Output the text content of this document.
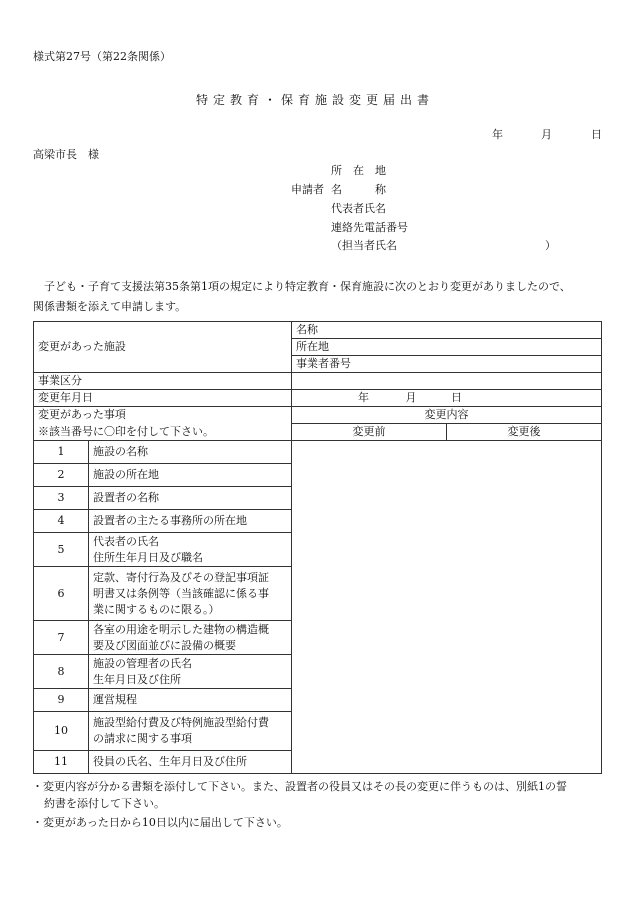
様式第27号（第22条関係）
特定教育・保育施設変更届出書
年	月	日
高梁市長　様
申請者
所　在　地
名　　　称
代表者氏名
連絡先電話番号
（担当者氏名	）
子ども・子育て支援法第35条第1項の規定により特定教育・保育施設に次のとおり変更がありましたので、
関係書類を添えて申請します。
変更があった施設		名称	
		所在地	
		事業者番号	
事業区分			
変更年月日		年 月 日	
変更があった事項		変更内容	
※該当番号に〇印を付して下さい。		変更前	変更後
1	施設の名称		
2	施設の所在地		
3	設置者の名称		
4	設置者の主たる事務所の所在地		
5	代表者の氏名
住所生年月日及び職名		

6	定款、寄付行為及びその登記事項証
明書又は条例等（当該確認に係る事
業に関するものに限る。）		

7	各室の用途を明示した建物の構造概
要及び図面並びに設備の概要		

8	施設の管理者の氏名
生年月日及び住所		

9	運営規程		
10	施設型給付費及び特例施設型給付費
の請求に関する事項		

11	役員の氏名、生年月日及び住所		
・変更内容が分かる書類を添付して下さい。また、設置者の役員又はその長の変更に伴うものは、別紙1の誓
約書を添付して下さい。
・変更があった日から10日以内に届出して下さい。
